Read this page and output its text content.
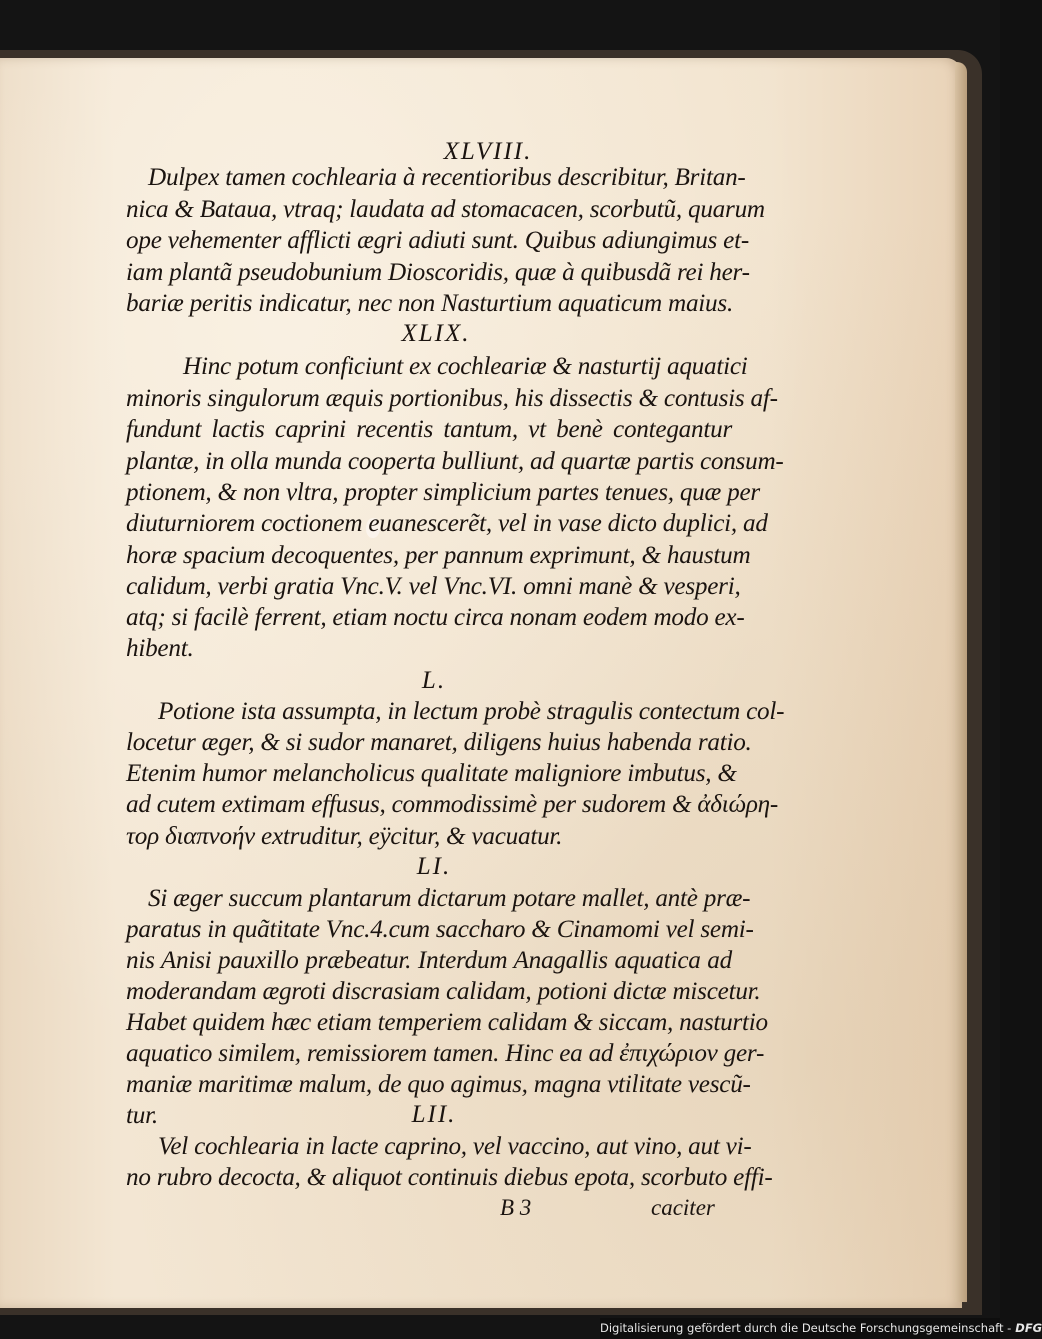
XLVIII.
Dulpex tamen cochlearia à recentioribus describitur, Britan-
nica & Bataua, vtraq; laudata ad stomacacen, scorbutũ, quarum
ope vehementer afflicti ægri adiuti sunt. Quibus adiungimus et-
iam plantã pseudobunium Dioscoridis, quæ à quibusdã rei her-
bariæ peritis indicatur, nec non Nasturtium aquaticum maius.
XLIX.
Hinc potum conficiunt ex cochleariæ & nasturtij aquatici
minoris singulorum æquis portionibus, his dissectis & contusis af-
fundunt lactis caprini recentis tantum, vt benè contegantur
plantæ, in olla munda cooperta bulliunt, ad quartæ partis consum-
ptionem, & non vltra, propter simplicium partes tenues, quæ per
diuturniorem coctionem euanescerẽt, vel in vase dicto duplici, ad
horæ spacium decoquentes, per pannum exprimunt, & haustum
calidum, verbi gratia Vnc.V. vel Vnc.VI. omni manè & vesperi,
atq; si facilè ferrent, etiam noctu circa nonam eodem modo ex-
hibent.
L.
Potione ista assumpta, in lectum probè stragulis contectum col-
locetur æger, & si sudor manaret, diligens huius habenda ratio.
Etenim humor melancholicus qualitate maligniore imbutus, &
ad cutem extimam effusus, commodissimè per sudorem & ἀδιώρη-
τορ διαπνοήν extruditur, eÿcitur, & vacuatur.
LI.
Si æger succum plantarum dictarum potare mallet, antè præ-
paratus in quãtitate Vnc.4.cum saccharo & Cinamomi vel semi-
nis Anisi pauxillo præbeatur. Interdum Anagallis aquatica ad
moderandam ægroti discrasiam calidam, potioni dictæ miscetur.
Habet quidem hæc etiam temperiem calidam & siccam, nasturtio
aquatico similem, remissiorem tamen. Hinc ea ad ἐπιχώριον ger-
maniæ maritimæ malum, de quo agimus, magna vtilitate vescũ-
tur.	LII.
Vel cochlearia in lacte caprino, vel vaccino, aut vino, aut vi-
no rubro decocta, & aliquot continuis diebus epota, scorbuto effi-
B 3	caciter
Digitalisierung gefördert durch die Deutsche Forschungsgemeinschaft - DFG
